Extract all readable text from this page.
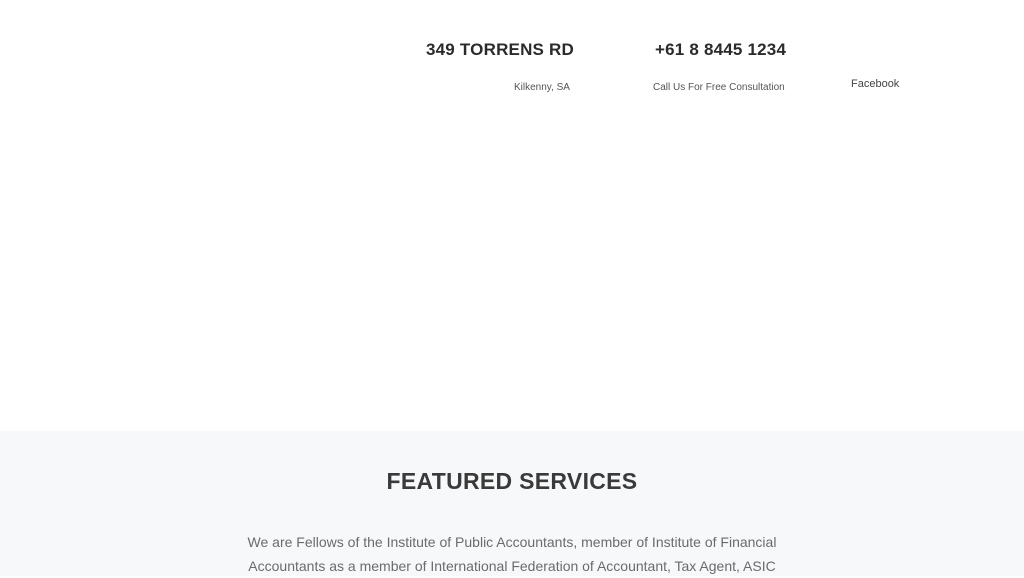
349 TORRENS RD
Kilkenny, SA
+61 8 8445 1234
Call Us For Free Consultation	Facebook
FEATURED SERVICES
We are Fellows of the Institute of Public Accountants, member of Institute of Financial Accountants as a member of International Federation of Accountant, Tax Agent, ASIC
